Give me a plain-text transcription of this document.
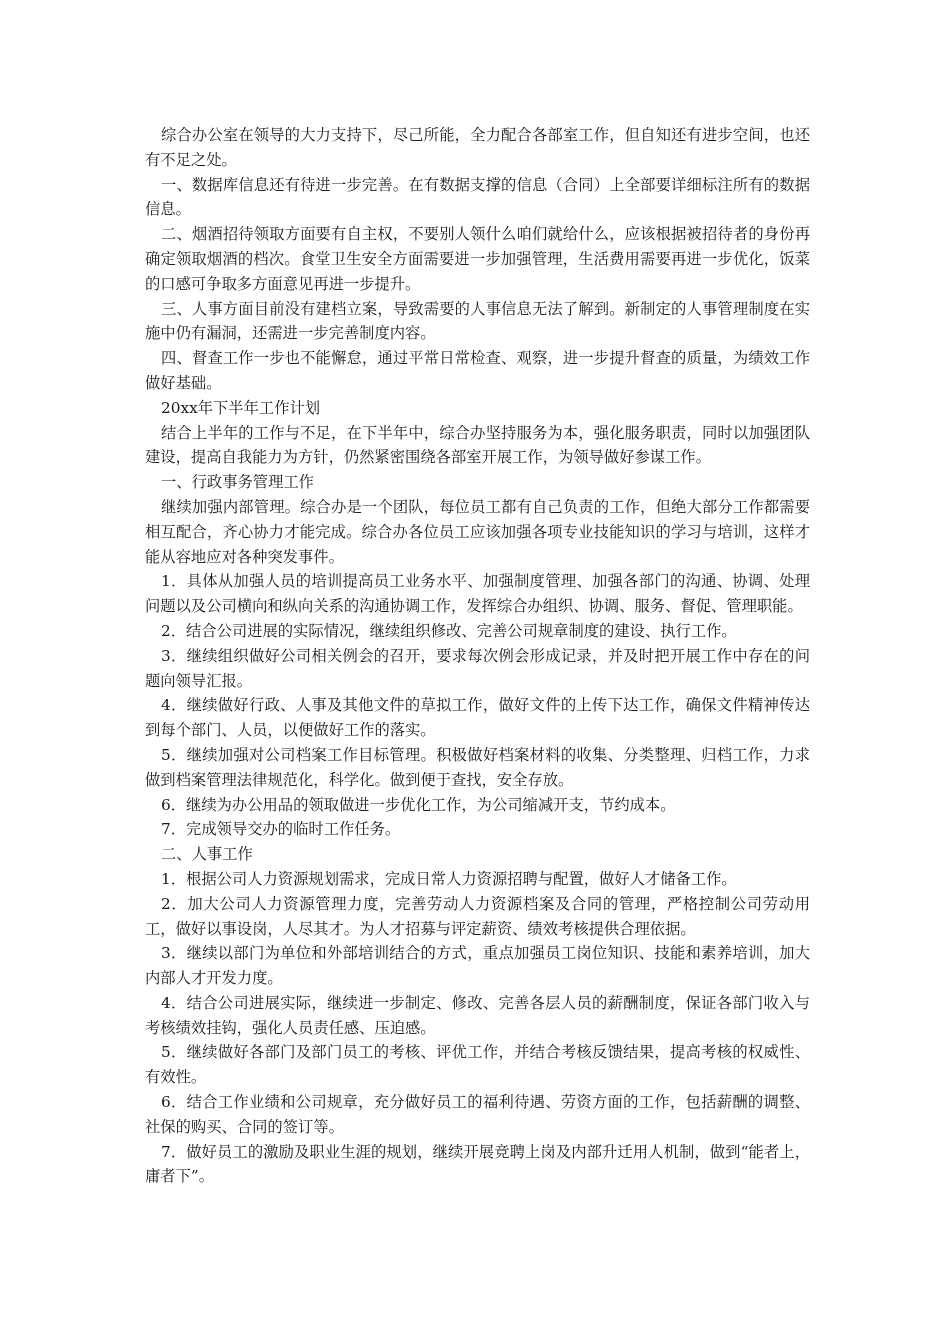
综合办公室在领导的大力支持下，尽己所能，全力配合各部室工作，但自知还有进步空间，也还有不足之处。

一、数据库信息还有待进一步完善。在有数据支撑的信息（合同）上全部要详细标注所有的数据信息。

二、烟酒招待领取方面要有自主权，不要别人领什么咱们就给什么，应该根据被招待者的身份再确定领取烟酒的档次。食堂卫生安全方面需要进一步加强管理，生活费用需要再进一步优化，饭菜的口感可争取多方面意见再进一步提升。

三、人事方面目前没有建档立案，导致需要的人事信息无法了解到。新制定的人事管理制度在实施中仍有漏洞，还需进一步完善制度内容。

四、督查工作一步也不能懈怠，通过平常日常检查、观察，进一步提升督查的质量，为绩效工作做好基础。

20xx年下半年工作计划

结合上半年的工作与不足，在下半年中，综合办坚持服务为本，强化服务职责，同时以加强团队建设，提高自我能力为方针，仍然紧密围绕各部室开展工作，为领导做好参谋工作。

一、行政事务管理工作

继续加强内部管理。综合办是一个团队，每位员工都有自己负责的工作，但绝大部分工作都需要相互配合，齐心协力才能完成。综合办各位员工应该加强各项专业技能知识的学习与培训，这样才能从容地应对各种突发事件。

1．具体从加强人员的培训提高员工业务水平、加强制度管理、加强各部门的沟通、协调、处理问题以及公司横向和纵向关系的沟通协调工作，发挥综合办组织、协调、服务、督促、管理职能。

2．结合公司进展的实际情况，继续组织修改、完善公司规章制度的建设、执行工作。

3．继续组织做好公司相关例会的召开，要求每次例会形成记录，并及时把开展工作中存在的问题向领导汇报。

4．继续做好行政、人事及其他文件的草拟工作，做好文件的上传下达工作，确保文件精神传达到每个部门、人员，以便做好工作的落实。

5．继续加强对公司档案工作目标管理。积极做好档案材料的收集、分类整理、归档工作，力求做到档案管理法律规范化，科学化。做到便于查找，安全存放。

6．继续为办公用品的领取做进一步优化工作，为公司缩减开支，节约成本。

7．完成领导交办的临时工作任务。

二、人事工作

1．根据公司人力资源规划需求，完成日常人力资源招聘与配置，做好人才储备工作。

2．加大公司人力资源管理力度，完善劳动人力资源档案及合同的管理，严格控制公司劳动用工，做好以事设岗，人尽其才。为人才招募与评定薪资、绩效考核提供合理依据。

3．继续以部门为单位和外部培训结合的方式，重点加强员工岗位知识、技能和素养培训，加大内部人才开发力度。

4．结合公司进展实际，继续进一步制定、修改、完善各层人员的薪酬制度，保证各部门收入与考核绩效挂钩，强化人员责任感、压迫感。

5．继续做好各部门及部门员工的考核、评优工作，并结合考核反馈结果，提高考核的权威性、有效性。

6．结合工作业绩和公司规章，充分做好员工的福利待遇、劳资方面的工作，包括薪酬的调整、社保的购买、合同的签订等。

7．做好员工的激励及职业生涯的规划，继续开展竞聘上岗及内部升迁用人机制，做到“能者上，庸者下”。
